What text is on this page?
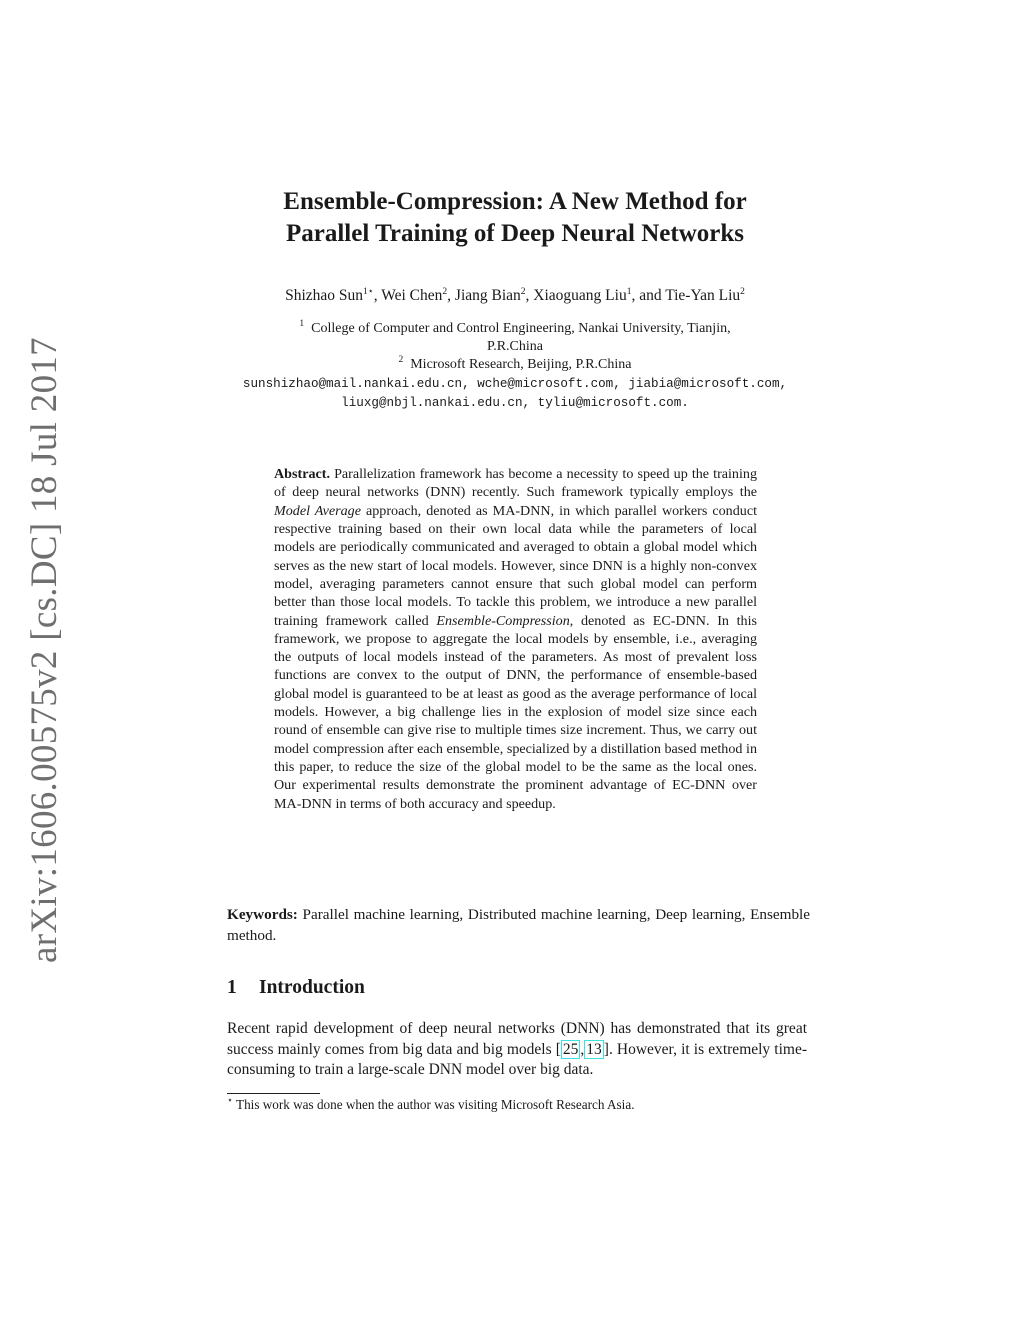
arXiv:1606.00575v2 [cs.DC] 18 Jul 2017
Ensemble-Compression: A New Method for
Parallel Training of Deep Neural Networks
Shizhao Sun$^{1⋆}$, Wei Chen$^2$, Jiang Bian$^2$, Xiaoguang Liu$^1$, and Tie-Yan Liu$^2$
$^1$ College of Computer and Control Engineering, Nankai University, Tianjin,
P.R.China
$^2$ Microsoft Research, Beijing, P.R.China
sunshizhao@mail.nankai.edu.cn, wche@microsoft.com, jiabia@microsoft.com,
liuxg@nbjl.nankai.edu.cn, tyliu@microsoft.com.

Abstract. Parallelization framework has become a necessity to speed up the training of deep neural networks (DNN) recently. Such framework typically employs the Model Average approach, denoted as MA-DNN, in which parallel workers conduct respective training based on their own local data while the parameters of local models are periodically communicated and averaged to obtain a global model which serves as the new start of local models. However, since DNN is a highly non-convex model, averaging parameters cannot ensure that such global model can perform better than those local models. To tackle this problem, we introduce a new parallel training framework called Ensemble-Compression, denoted as EC-DNN. In this framework, we propose to aggregate the local models by ensemble, i.e., averaging the outputs of local models instead of the parameters. As most of prevalent loss functions are convex to the output of DNN, the performance of ensemble-based global model is guaranteed to be at least as good as the average performance of local models. However, a big challenge lies in the explosion of model size since each round of ensemble can give rise to multiple times size increment. Thus, we carry out model compression after each ensemble, specialized by a distillation based method in this paper, to reduce the size of the global model to be the same as the local ones. Our experimental results demonstrate the prominent advantage of EC-DNN over MA-DNN in terms of both accuracy and speedup.

Keywords: Parallel machine learning, Distributed machine learning, Deep learning, Ensemble method.

1 Introduction

Recent rapid development of deep neural networks (DNN) has demonstrated that its great success mainly comes from big data and big models [ 25 , 13 ]. However, it is extremely time-consuming to train a large-scale DNN model over big data.

⋆ This work was done when the author was visiting Microsoft Research Asia.
